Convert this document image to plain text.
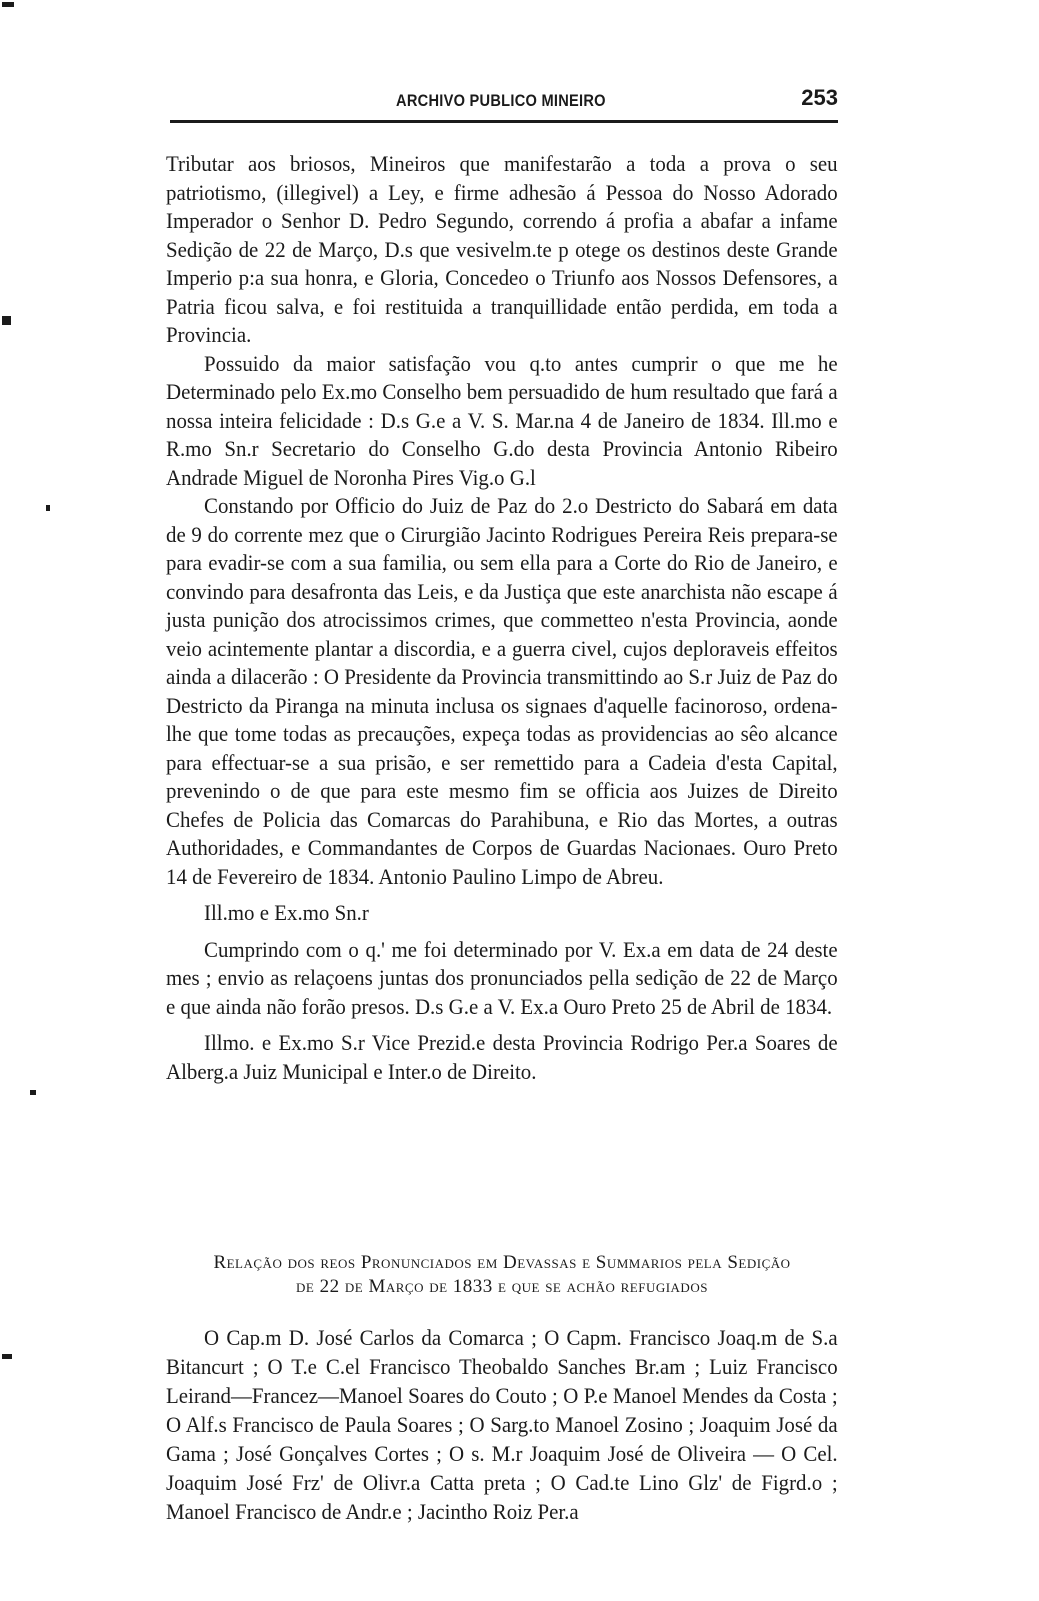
ARCHIVO PUBLICO MINEIRO	253

Tributar aos briosos, Mineiros que manifestarão a toda a prova o seu patriotismo, (illegivel) a Ley, e firme adhesão á Pessoa do Nosso Adorado Imperador o Senhor D. Pedro Segundo, correndo á profia a abafar a infame Sedição de 22 de Março, D.s que vesivelm.te p otege os destinos deste Grande Imperio p:a sua honra, e Gloria, Concedeo o Triunfo aos Nossos Defensores, a Patria ficou salva, e foi restituida a tranquillidade então perdida, em toda a Provincia.

Possuido da maior satisfação vou q.to antes cumprir o que me he Determinado pelo Ex.mo Conselho bem persuadido de hum resultado que fará a nossa inteira felicidade : D.s G.e a V. S. Mar.na 4 de Janeiro de 1834. Ill.mo e R.mo Sn.r Secretario do Conselho G.do desta Provincia Antonio Ribeiro Andrade Miguel de Noronha Pires Vig.o G.l

Constando por Officio do Juiz de Paz do 2.o Destricto do Sabará em data de 9 do corrente mez que o Cirurgião Jacinto Rodrigues Pereira Reis prepara-se para evadir-se com a sua familia, ou sem ella para a Corte do Rio de Janeiro, e convindo para desafronta das Leis, e da Justiça que este anarchista não escape á justa punição dos atrocissimos crimes, que commetteo n'esta Provincia, aonde veio acintemente plantar a discordia, e a guerra civel, cujos deploraveis effeitos ainda a dilacerão : O Presidente da Provincia transmittindo ao S.r Juiz de Paz do Destricto da Piranga na minuta inclusa os signaes d'aquelle facinoroso, ordena-lhe que tome todas as precauções, expeça todas as providencias ao sêo alcance para effectuar-se a sua prisão, e ser remettido para a Cadeia d'esta Capital, prevenindo o de que para este mesmo fim se officia aos Juizes de Direito Chefes de Policia das Comarcas do Parahibuna, e Rio das Mortes, a outras Authoridades, e Commandantes de Corpos de Guardas Nacionaes. Ouro Preto 14 de Fevereiro de 1834. Antonio Paulino Limpo de Abreu.

Ill.mo e Ex.mo Sn.r

Cumprindo com o q.' me foi determinado por V. Ex.a em data de 24 deste mes ; envio as relaçoens juntas dos pronunciados pella sedição de 22 de Março e que ainda não forão presos. D.s G.e a V. Ex.a Ouro Preto 25 de Abril de 1834.

Illmo. e Ex.mo S.r Vice Prezid.e desta Provincia Rodrigo Per.a Soares de Alberg.a Juiz Municipal e Inter.o de Direito.

Relação dos reos Pronunciados em Devassas e Summarios pela Sedição
de 22 de Março de 1833 e que se achão refugiados

O Cap.m D. José Carlos da Comarca ; O Capm. Francisco Joaq.m de S.a Bitancurt ; O T.e C.el Francisco Theobaldo Sanches Br.am ; Luiz Francisco Leirand—Francez—Manoel Soares do Couto ; O P.e Manoel Mendes da Costa ; O Alf.s Francisco de Paula Soares ; O Sarg.to Manoel Zosino ; Joaquim José da Gama ; José Gonçalves Cortes ; O s. M.r Joaquim José de Oliveira — O Cel. Joaquim José Frz' de Olivr.a Catta preta ; O Cad.te Lino Glz' de Figrd.o ; Manoel Francisco de Andr.e ; Jacintho Roiz Per.a
